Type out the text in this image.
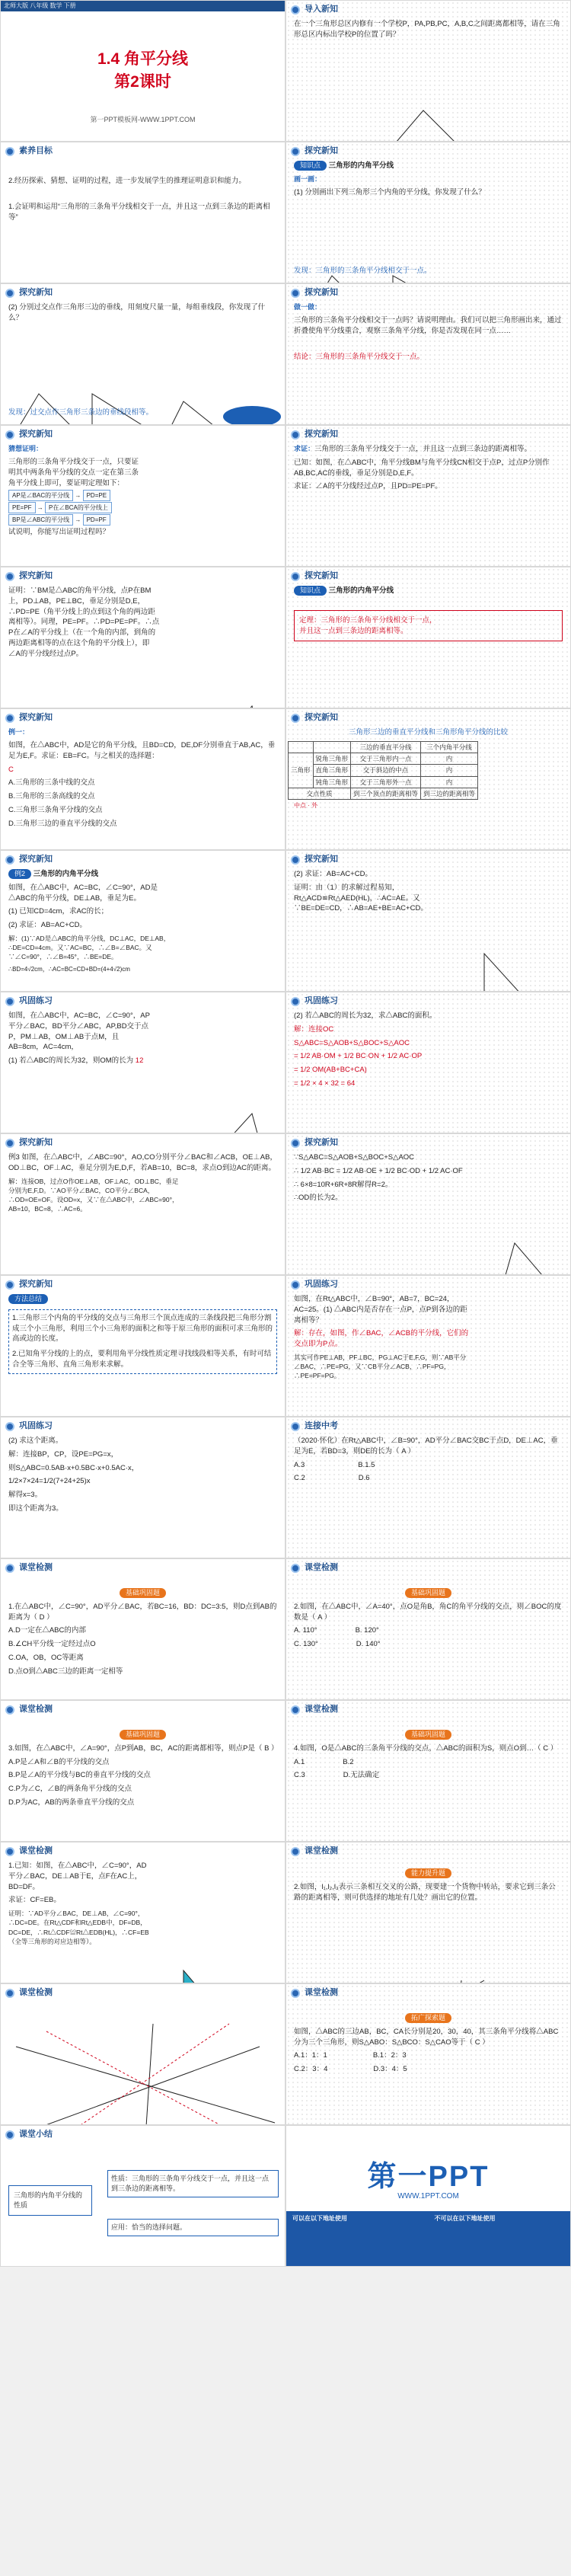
北师大版 八年级 数学 下册
1.4 角平分线
第2课时
第一PPT模板网-WWW.1PPT.COM
导入新知
在一个三角形总区内修有一个学校P，PA,PB,PC，A,B,C之间距离都相等，请在三角形总区内标出学校P的位置了吗？
素养目标
2.经历探索、猜想、证明的过程，进一步发展学生的推理证明意识和能力。
1.会证明和运用“三角形的三条角平分线相交于一点，并且这一点到三条边的距离相等”
探究新知
知识点 三角形的内角平分线
画一画：
(1) 分别画出下列三角形三个内角的平分线，你发现了什么？
发现：三角形的三条角平分线相交于一点。
探究新知
(2) 分别过交点作三角形三边的垂线，用刻度尺量一量，每组垂线段，你发现了什么？
你能证明这一个结论吗？
发现：过交点作三角形三条边的垂线段相等。
探究新知
做一做：
三角形的三条角平分线相交于一点吗？请说明理由。我们可以把三角形画出来，通过折叠使角平分线重合，观察三条角平分线，你是否发现在同一点……
结论：三角形的三条角平分线交于一点。
怎样证明这个结论呢？
探究新知
猜想证明：
三角形的三条角平分线交于一点，只要证明其中两条角平分线的交点一定在第三条角平分线上即可，要证明定理如下：
AP是∠BAC的平分线 → PD=PE
PE=PF → P在∠BCA的平分线上
BP是∠ABC的平分线 → PD=PF
试说明，你能写出证明过程吗？
探究新知
求证：三角形的三条角平分线交于一点，并且这一点到三条边的距离相等。
已知：如图，在△ABC中，角平分线BM与角平分线CN相交于点P，过点P分别作AB,BC,AC的垂线，垂足分别是D,E,F。
求证：∠A的平分线经过点P，且PD=PE=PF。
探究新知
证明：∵BM是△ABC的角平分线，点P在BM上，PD⊥AB，PE⊥BC，垂足分别是D,E，∴PD=PE（角平分线上的点到这个角的两边距离相等）。同理，PE=PF。∴PD=PE=PF。∴点P在∠A的平分线上（在一个角的内部，到角的两边距离相等的点在这个角的平分线上），即∠A的平分线经过点P。
探究新知
知识点 三角形的内角平分线
定理：三角形的三条角平分线相交于一点，
并且这一点到三条边的距离相等。
探究新知
例一：
如图，在△ABC中，AD是它的角平分线，且BD=CD，DE,DF分别垂直于AB,AC，垂足为E,F。求证：EB=FC。与之相关的选择题：
C
A.三角形的三条中线的交点
B.三角形的三条高线的交点
C.三角形三条角平分线的交点
D.三角形三边的垂直平分线的交点
探究新知
三角形三边的垂直平分线和三角形角平分线的比较
		三边的垂直平分线	三个内角平分线
三角形	锐角三角形	交于三角形内一点	内
	直角三角形	交于斜边的中点	内
	钝角三角形	交于三角形外一点	内
交点性质		到三个顶点的距离相等	到三边的距离相等
中点 · 外
探究新知
例2 三角形的内角平分线
如图，在△ABC中，AC=BC，∠C=90°，AD是△ABC的角平分线，DE⊥AB，垂足为E。
(1) 已知CD=4cm，求AC的长；
(2) 求证：AB=AC+CD。
解：(1)∵AD是△ABC的角平分线，DC⊥AC，DE⊥AB，∴DE=CD=4cm。又∵AC=BC，∴∠B=∠BAC。又∵∠C=90°，∴∠B=45°，∴BE=DE。
∴BD=4√2cm，∴AC=BC=CD+BD=(4+4√2)cm
探究新知
(2) 求证：AB=AC+CD。
证明：由（1）的求解过程易知，Rt△ACD≌Rt△AED(HL)，∴AC=AE。又∵BE=DE=CD，∴AB=AE+BE=AC+CD。
巩固练习
如图，在△ABC中，AC=BC，∠C=90°，AP平分∠BAC，BD平分∠ABC，AP,BD交于点P，PM⊥AB，OM⊥AB于点M，且AB=8cm，AC=4cm，
(1) 若△ABC的周长为32，则OM的长为 12
巩固练习
(2) 若△ABC的周长为32，求△ABC的面积。
解：连接OC
S△ABC=S△AOB+S△BOC+S△AOC
= 1/2 AB·OM + 1/2 BC·ON + 1/2 AC·OP
= 1/2 OM(AB+BC+CA)
= 1/2 × 4 × 32 = 64
探究新知
例3 如图，在△ABC中，∠ABC=90°，AO,CO分别平分∠BAC和∠ACB，OE⊥AB，OD⊥BC，OF⊥AC，垂足分别为E,D,F，若AB=10，BC=8，求点O到边AC的距离。
解：连接OB，过点O作OE⊥AB，OF⊥AC，OD⊥BC，垂足分别为E,F,D。∵AO平分∠BAC，CO平分∠BCA，∴OD=OE=OF。设OD=x，又∵在△ABC中，∠ABC=90°，AB=10，BC=8，∴AC=6。
探究新知
∵S△ABC=S△AOB+S△BOC+S△AOC
∴ 1/2 AB·BC = 1/2 AB·OE + 1/2 BC·OD + 1/2 AC·OF
∴ 6×8=10R+6R+8R解得R=2。
∴OD的长为2。
探究新知
方法总结
1.三角形三个内角的平分线的交点与三角形三个顶点连成的三条线段把三角形分割成三个小三角形，利用三个小三角形的面积之和等于原三角形的面积可求三角形的高或边的长度。
2.已知角平分线的上的点，要利用角平分线性质定理寻找线段相等关系，有时可结合全等三角形、直角三角形来求解。
巩固练习
如图，在Rt△ABC中，∠B=90°，AB=7，BC=24，AC=25。(1) △ABC内是否存在一点P，点P到各边的距离相等？
解：存在，如图，作∠BAC，∠ACB的平分线，它们的交点即为P点。
其实可作PE⊥AB，PF⊥BC，PG⊥AC于E,F,G，则∵AB平分∠BAC，∴PE=PG，又∵CB平分∠ACB，∴PF=PG，∴PE=PF=PG。
巩固练习
(2) 求这个距离。
解：连接BP，CP，设PE=PG=x，
则S△ABC=0.5AB·x+0.5BC·x+0.5AC·x，
1/2×7×24=1/2(7+24+25)x
解得x=3。
即这个距离为3。
连接中考
（2020·怀化）在Rt△ABC中，∠B=90°，AD平分∠BAC交BC于点D，DE⊥AC，垂足为E，若BD=3，则DE的长为（ A ）
A.3	B.1.5
C.2	D.6
课堂检测
基础巩固题
1.在△ABC中，∠C=90°，AD平分∠BAC，若BC=16，BD：DC=3:5，则D点到AB的距离为（ D ）
A.D一定在△ABC的内部
B.∠CH平分线一定经过点O
C.OA，OB，OC等距离
D.点O到△ABC三边的距离一定相等
课堂检测
基础巩固题
2.如图，在△ABC中，∠A=40°，点O是角B，角C的角平分线的交点，则∠BOC的度数是（ A ）
A. 110°	B. 120°
C. 130°	D. 140°
课堂检测
基础巩固题
3.如图，在△ABC中，∠A=90°，点P到AB，BC，AC的距离都相等，则点P是（ B ）
A.P是∠A和∠B的平分线的交点
B.P是∠A的平分线与BC的垂直平分线的交点
C.P为∠C，∠B的两条角平分线的交点
D.P为AC，AB的两条垂直平分线的交点
课堂检测
基础巩固题
4.如图，O是△ABC的三条角平分线的交点，△ABC的面积为S，则点O到…（ C ）
A.1	B.2
C.3	D.无法确定
课堂检测
1.已知：如图，在△ABC中，∠C=90°，AD平分∠BAC，DE⊥AB于E，点F在AC上，BD=DF。
求证：CF=EB。
证明：∵AD平分∠BAC，DE⊥AB，∠C=90°，∴DC=DE。在Rt△CDF和Rt△EDB中，DF=DB，DC=DE，∴Rt△CDF≌Rt△EDB(HL)，∴CF=EB（全等三角形的对应边相等）。
课堂检测
能力提升题
2.如图，l₁,l₂,l₃表示三条相互交叉的公路，现要建一个货物中转站，要求它到三条公路的距离相等，则可供选择的地址有几处？画出它的位置。
课堂检测	课堂检测
拓广探索题
如图，△ABC的三边AB，BC，CA长分别是20，30，40，其三条角平分线将△ABC分为三个三角形，则S△ABO：S△BCO：S△CAO等于（ C ）
A.1：1：1	B.1：2：3
C.2：3：4	D.3：4：5
课堂小结
三角形的内角平分线的性质
性质：三角形的三条角平分线交于一点，并且这一点到三条边的距离相等。
应用：恰当的选择问题。
第一PPT
WWW.1PPT.COM
可以在以下地址使用	不可以在以下地址使用
